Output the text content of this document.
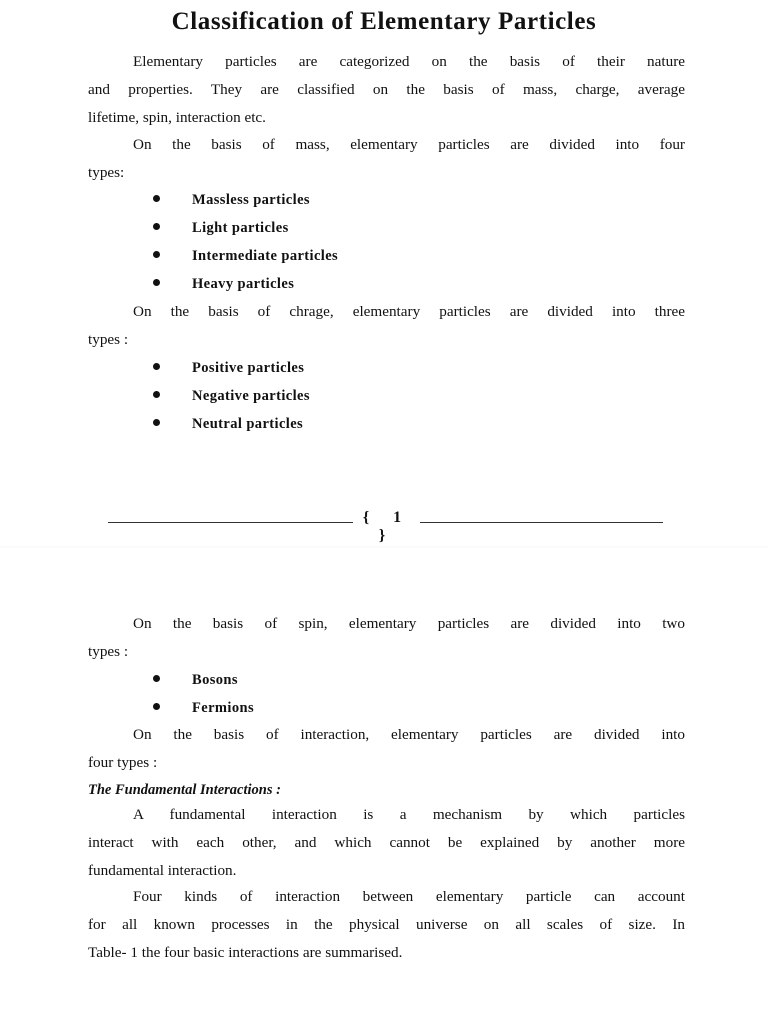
Classification of Elementary Particles

Elementary particles are categorized on the basis of their nature

and properties. They are classified on the basis of mass, charge, average

lifetime, spin, interaction etc.

On the basis of mass, elementary particles are divided into four

types:

Massless particles
Light particles
Intermediate particles
Heavy particles

On the basis of chrage, elementary particles are divided into three

types :

Positive particles
Negative particles
Neutral particles
{ 1 }

On the basis of spin, elementary particles are divided into two

types :

Bosons
Fermions

On the basis of interaction, elementary particles are divided into

four types :

The Fundamental Interactions :

A fundamental interaction is a mechanism by which particles

interact with each other, and which cannot be explained by another more

fundamental interaction.

Four kinds of interaction between elementary particle can account

for all known processes in the physical universe on all scales of size. In

Table- 1 the four basic interactions are summarised.
